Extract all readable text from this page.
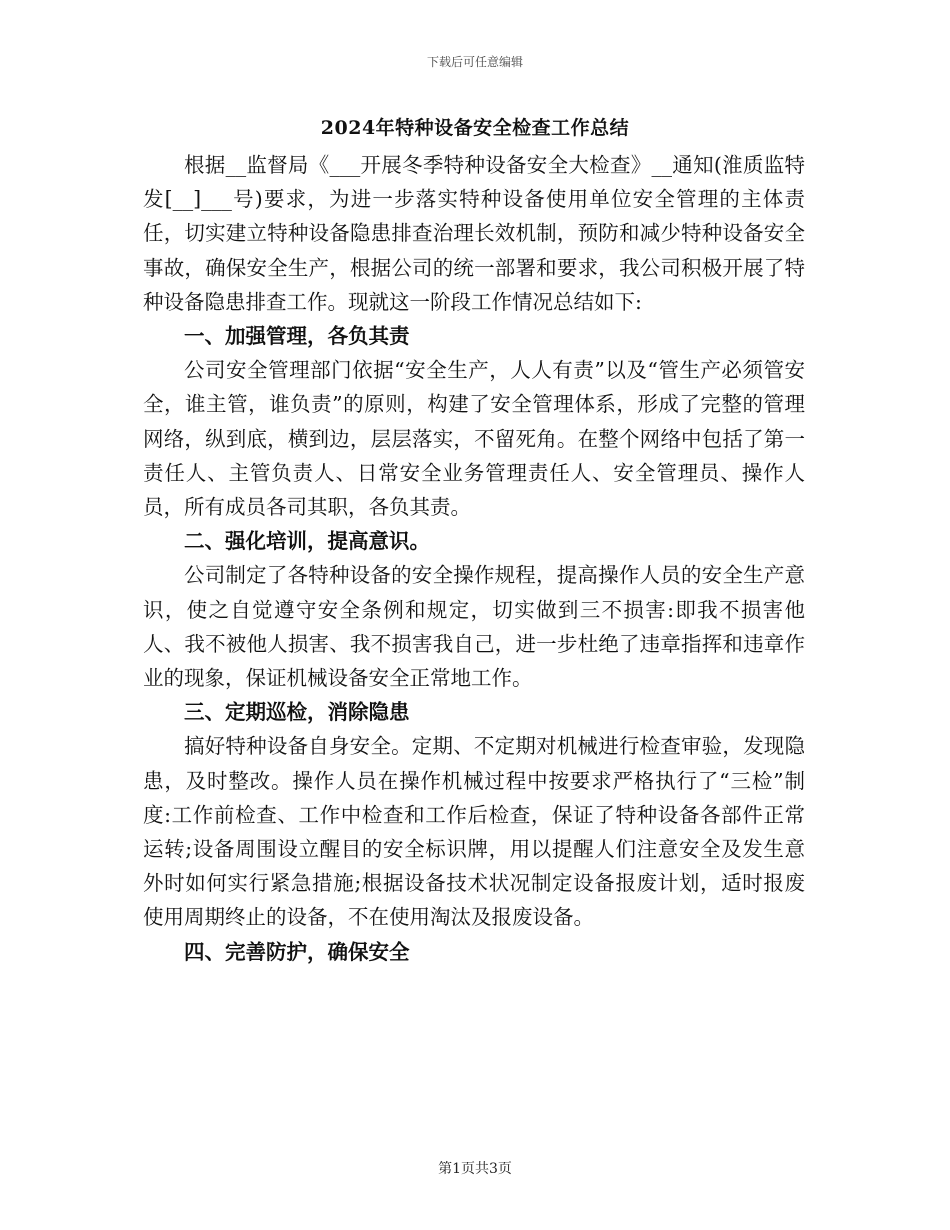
下载后可任意编辑
2024年特种设备安全检查工作总结

根据__监督局《___开展冬季特种设备安全大检查》__通知(淮质监特发[__]___号)要求，为进一步落实特种设备使用单位安全管理的主体责任，切实建立特种设备隐患排查治理长效机制，预防和减少特种设备安全事故，确保安全生产，根据公司的统一部署和要求，我公司积极开展了特种设备隐患排查工作。现就这一阶段工作情况总结如下:

一、加强管理，各负其责

公司安全管理部门依据“安全生产，人人有责”以及“管生产必须管安全，谁主管，谁负责”的原则，构建了安全管理体系，形成了完整的管理网络，纵到底，横到边，层层落实，不留死角。在整个网络中包括了第一责任人、主管负责人、日常安全业务管理责任人、安全管理员、操作人员，所有成员各司其职，各负其责。

二、强化培训，提高意识。

公司制定了各特种设备的安全操作规程，提高操作人员的安全生产意识，使之自觉遵守安全条例和规定，切实做到三不损害:即我不损害他人、我不被他人损害、我不损害我自己，进一步杜绝了违章指挥和违章作业的现象，保证机械设备安全正常地工作。

三、定期巡检，消除隐患

搞好特种设备自身安全。定期、不定期对机械进行检查审验，发现隐患，及时整改。操作人员在操作机械过程中按要求严格执行了“三检”制度:工作前检查、工作中检查和工作后检查，保证了特种设备各部件正常运转;设备周围设立醒目的安全标识牌，用以提醒人们注意安全及发生意外时如何实行紧急措施;根据设备技术状况制定设备报废计划，适时报废使用周期终止的设备，不在使用淘汰及报废设备。

四、完善防护，确保安全

第1页共3页
